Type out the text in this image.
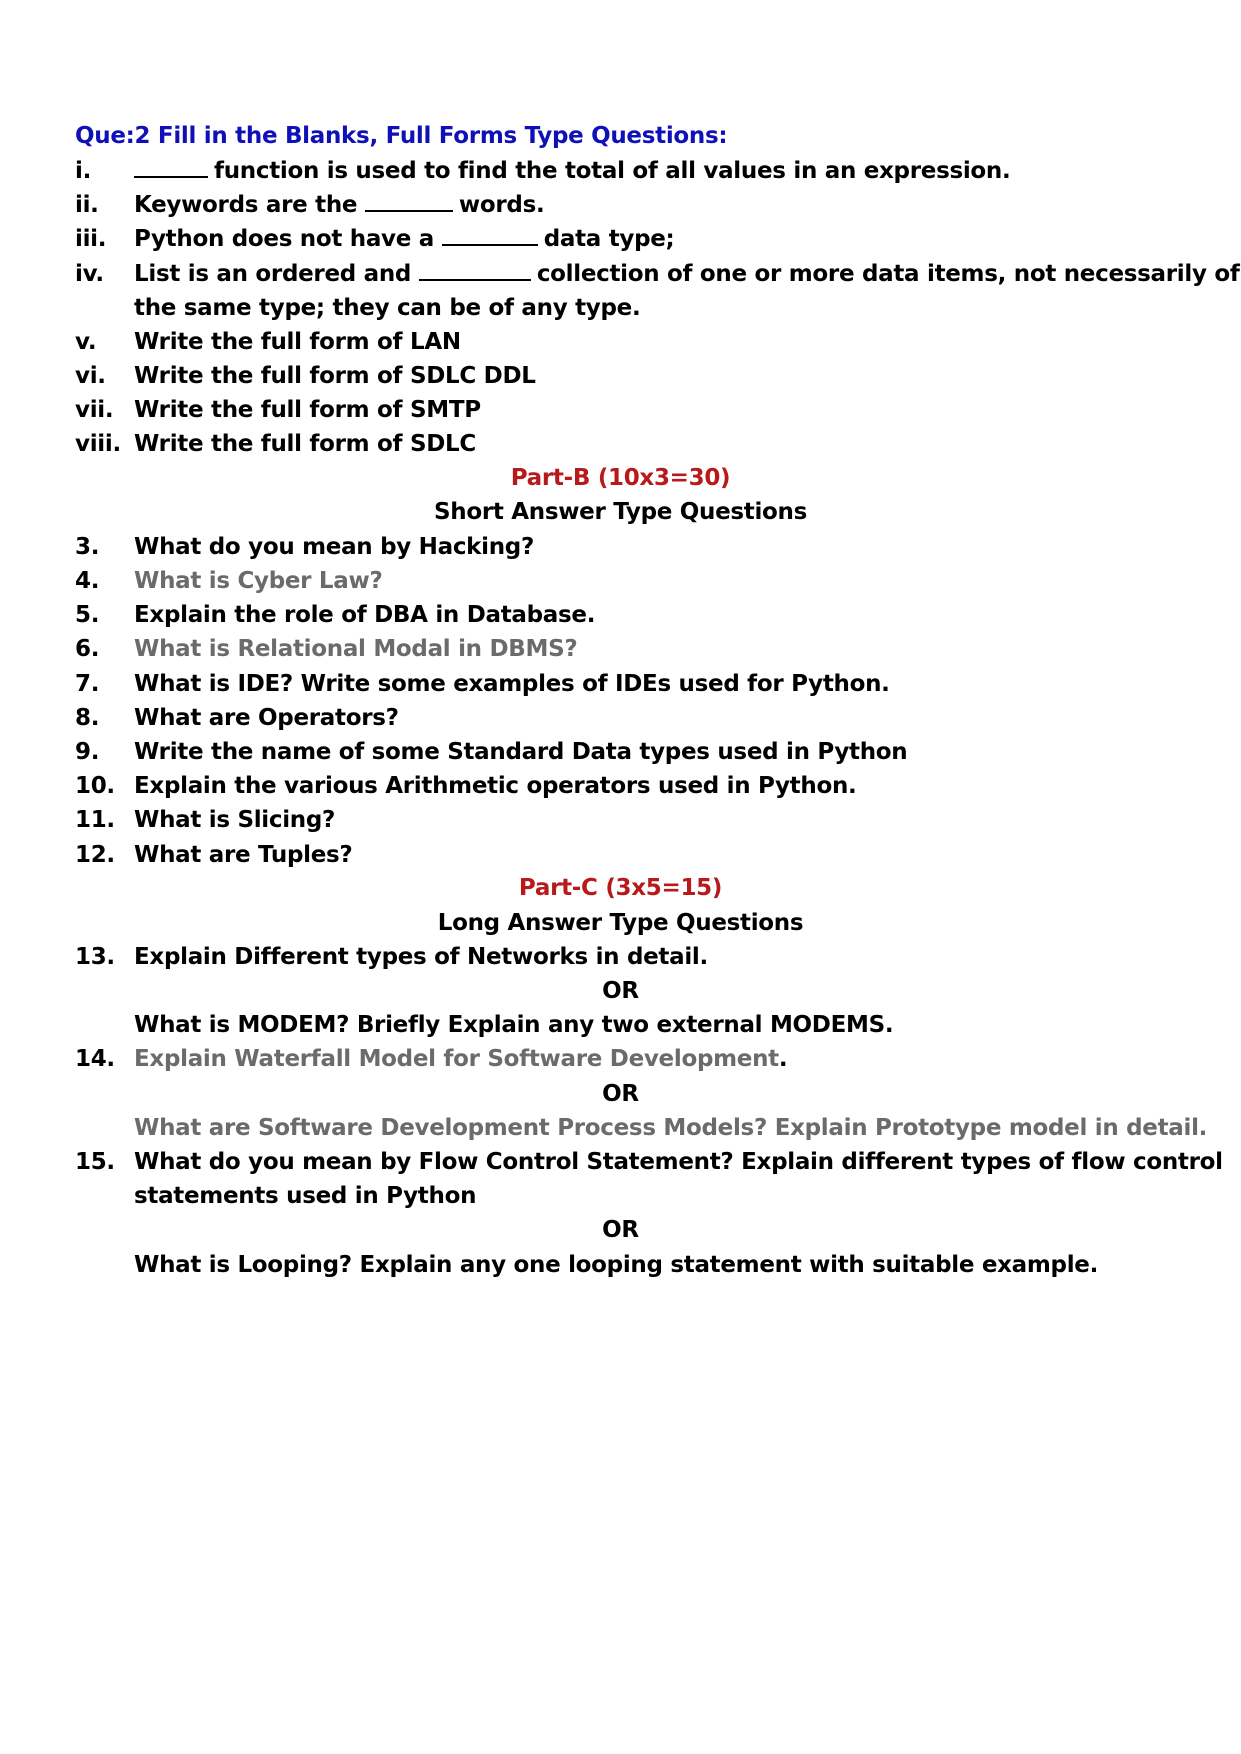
Que:2 Fill in the Blanks, Full Forms Type Questions:
i.	function is used to find the total of all values in an expression.
ii. Keywords are the	words.
iii. Python does not have a	data type;
iv. List is an ordered and	collection of one or more data items, not necessarily of
the same type; they can be of any type.
v. Write the full form of LAN
vi. Write the full form of SDLC DDL
vii. Write the full form of SMTP
viii. Write the full form of SDLC
Part-B (10x3=30)
Short Answer Type Questions
3. What do you mean by Hacking?
4. What is Cyber Law?
5. Explain the role of DBA in Database.
6. What is Relational Modal in DBMS?
7. What is IDE? Write some examples of IDEs used for Python.
8. What are Operators?
9. Write the name of some Standard Data types used in Python
10. Explain the various Arithmetic operators used in Python.
11. What is Slicing?
12. What are Tuples?
Part-C (3x5=15)
Long Answer Type Questions
13. Explain Different types of Networks in detail.
OR
What is MODEM? Briefly Explain any two external MODEMS.
14. Explain Waterfall Model for Software Development.
OR
What are Software Development Process Models? Explain Prototype model in detail.
15. What do you mean by Flow Control Statement? Explain different types of flow control
statements used in Python
OR
What is Looping? Explain any one looping statement with suitable example.
